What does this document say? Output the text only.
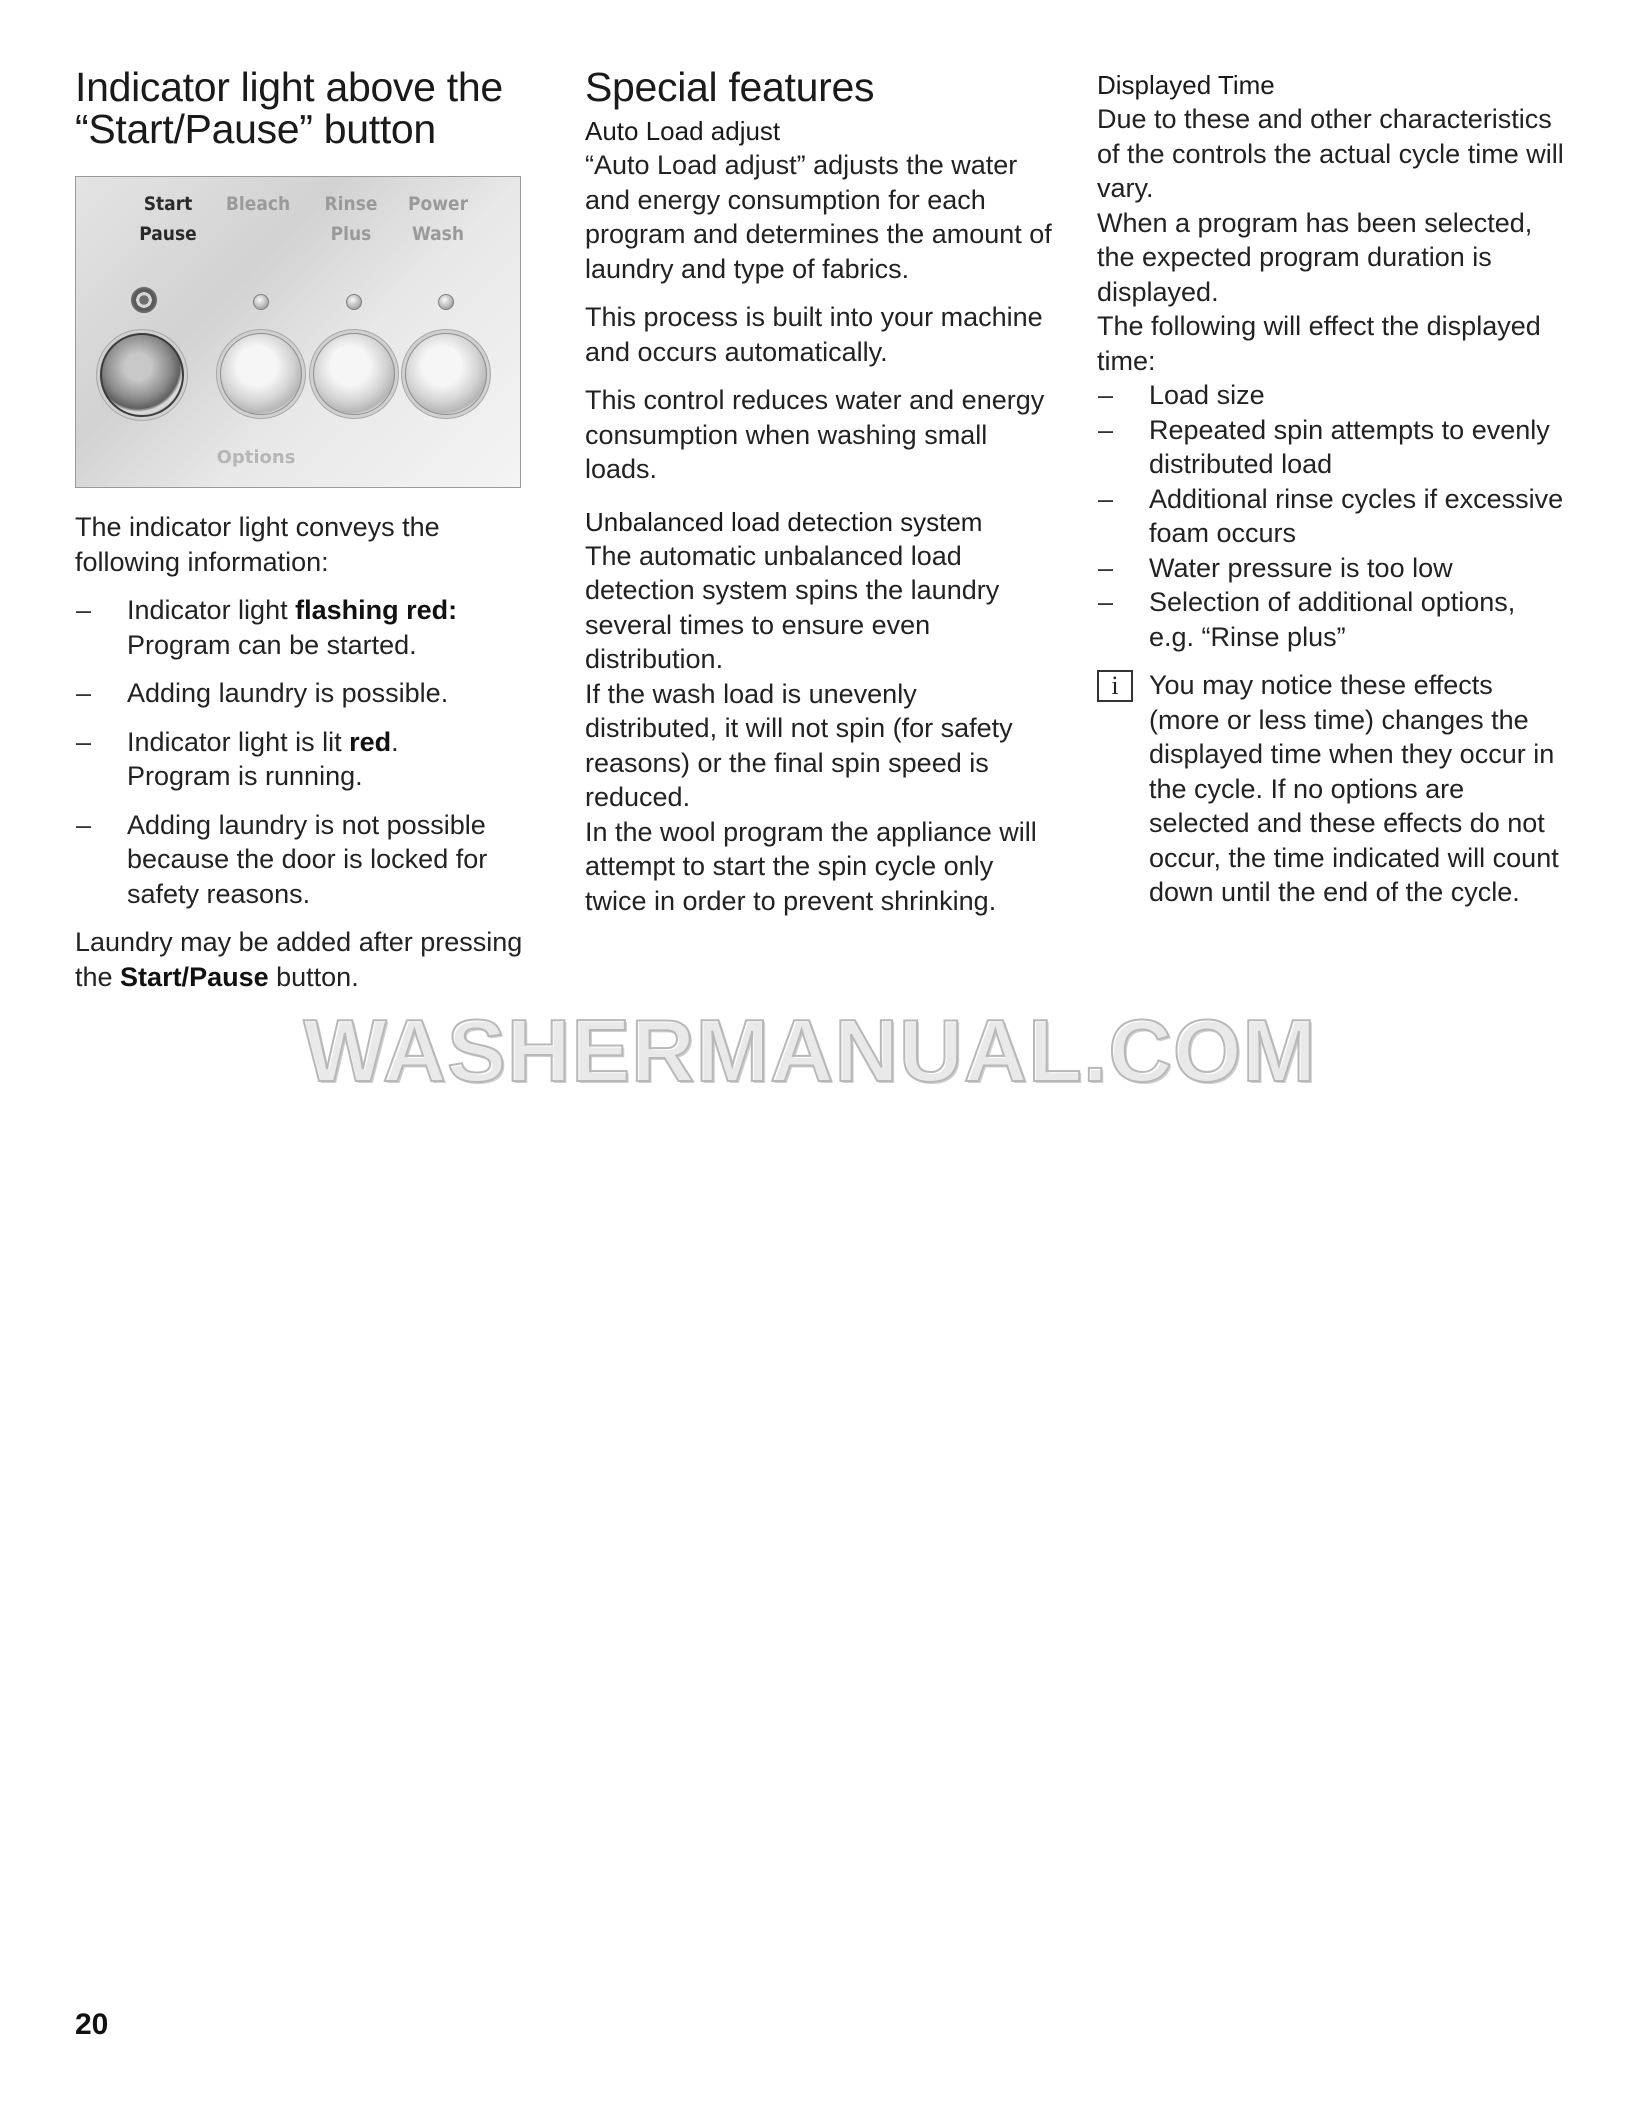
Indicator light above the “Start/Pause” button
Start
Pause
Bleach	Rinse
Plus
Power
Wash
Options

The indicator light conveys the following information:

– Indicator light flashing red:
Program can be started.
– Adding laundry is possible.
– Indicator light is lit red.
Program is running.
– Adding laundry is not possible because the door is locked for safety reasons.

Laundry may be added after pressing the Start/Pause button.

Special features
Auto Load adjust

“Auto Load adjust” adjusts the water and energy consumption for each program and determines the amount of laundry and type of fabrics.

This process is built into your machine and occurs automatically.

This control reduces water and energy consumption when washing small loads.

Unbalanced load detection system

The automatic unbalanced load detection system spins the laundry several times to ensure even distribution.

If the wash load is unevenly distributed, it will not spin (for safety reasons) or the final spin speed is reduced.

In the wool program the appliance will attempt to start the spin cycle only twice in order to prevent shrinking.

Displayed Time

Due to these and other characteristics of the controls the actual cycle time will vary.

When a program has been selected, the expected program duration is displayed.

The following will effect the displayed time:

– Load size
– Repeated spin attempts to evenly distributed load
– Additional rinse cycles if excessive foam occurs
– Water pressure is too low
– Selection of additional options, e.g. “Rinse plus”
i	You may notice these effects (more or less time) changes the displayed time when they occur in the cycle. If no options are selected and these effects do not occur, the time indicated will count down until the end of the cycle.

WASHERMANUAL.COM
20
